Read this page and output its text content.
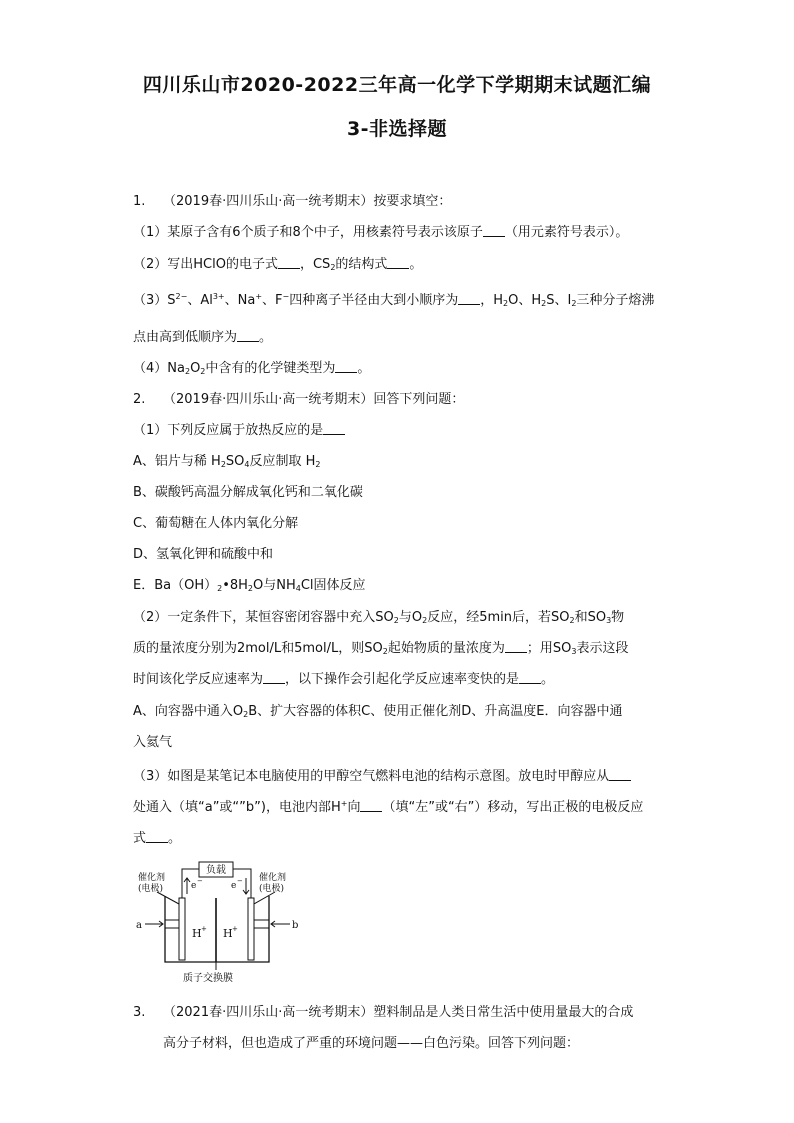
四川乐山市2020-2022三年高一化学下学期期末试题汇编
3-非选择题
1. （2019春·四川乐山·高一统考期末）按要求填空：
（1）某原子含有6个质子和8个中子，用核素符号表示该原子 （用元素符号表示）。
（2）写出HClO的电子式 ，$CS_2$的结构式 。
$(3)S^{2-}$、$Al^{3+}$、Na+、F−四种离子半径由大到小顺序为 ，$H_2O$、$H_2S$、$I_2$三种分子熔沸
点由高到低顺序为 。
$(4)Na_2O_2$中含有的化学键类型为 。
2. （2019春·四川乐山·高一统考期末）回答下列问题：
（1）下列反应属于放热反应的是
A、铝片与稀 $H_2SO_4$反应制取 $H_2$
B、碳酸钙高温分解成氧化钙和二氧化碳
C、葡萄糖在人体内氧化分解
D、氢氧化钾和硫酸中和
E．$Ba(OH)_2•8H_2O$与$NH_4Cl$固体反应
（2）一定条件下，某恒容密闭容器中充入$SO_2$与$O_2$反应，经5min后，若$SO_2$和$SO_3$物
质的量浓度分别为2mol/L和5mol/L，则$SO_2$起始物质的量浓度为 ；用$SO_3$表示这段
时间该化学反应速率为 ，以下操作会引起化学反应速率变快的是 。
A、向容器中通入$O_2B$、扩大容器的体积C、使用正催化剂D、升高温度E．向容器中通
入氦气
（3）如图是某笔记本电脑使用的甲醇空气燃料电池的结构示意图。放电时甲醇应从
处通入（填“a”或“”b”)，电池内部H+向 （填“左”或“右”）移动，写出正极的电极反应
式 。
负载
催化剂
(电极)
催化剂
(电极)
e −	e −
H + H +
a	b
质子交换膜
3. （2021春·四川乐山·高一统考期末）塑料制品是人类日常生活中使用量最大的合成
高分子材料，但也造成了严重的环境问题——白色污染。回答下列问题：
